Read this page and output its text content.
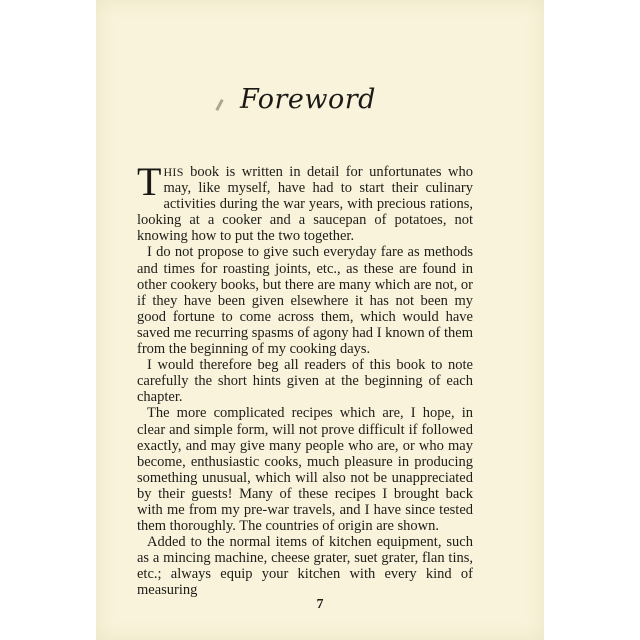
Foreword

THIS book is written in detail for unfortunates who may, like myself, have had to start their culinary activities during the war years, with precious rations, looking at a cooker and a saucepan of potatoes, not knowing how to put the two together.

I do not propose to give such everyday fare as methods and times for roasting joints, etc., as these are found in other cookery books, but there are many which are not, or if they have been given elsewhere it has not been my good fortune to come across them, which would have saved me recurring spasms of agony had I known of them from the beginning of my cooking days.

I would therefore beg all readers of this book to note carefully the short hints given at the beginning of each chapter.

The more complicated recipes which are, I hope, in clear and simple form, will not prove difficult if followed exactly, and may give many people who are, or who may become, enthusiastic cooks, much pleasure in producing something unusual, which will also not be unappreciated by their guests! Many of these recipes I brought back with me from my pre-war travels, and I have since tested them thoroughly. The countries of origin are shown.

Added to the normal items of kitchen equipment, such as a mincing machine, cheese grater, suet grater, flan tins, etc.; always equip your kitchen with every kind of measuring

7
